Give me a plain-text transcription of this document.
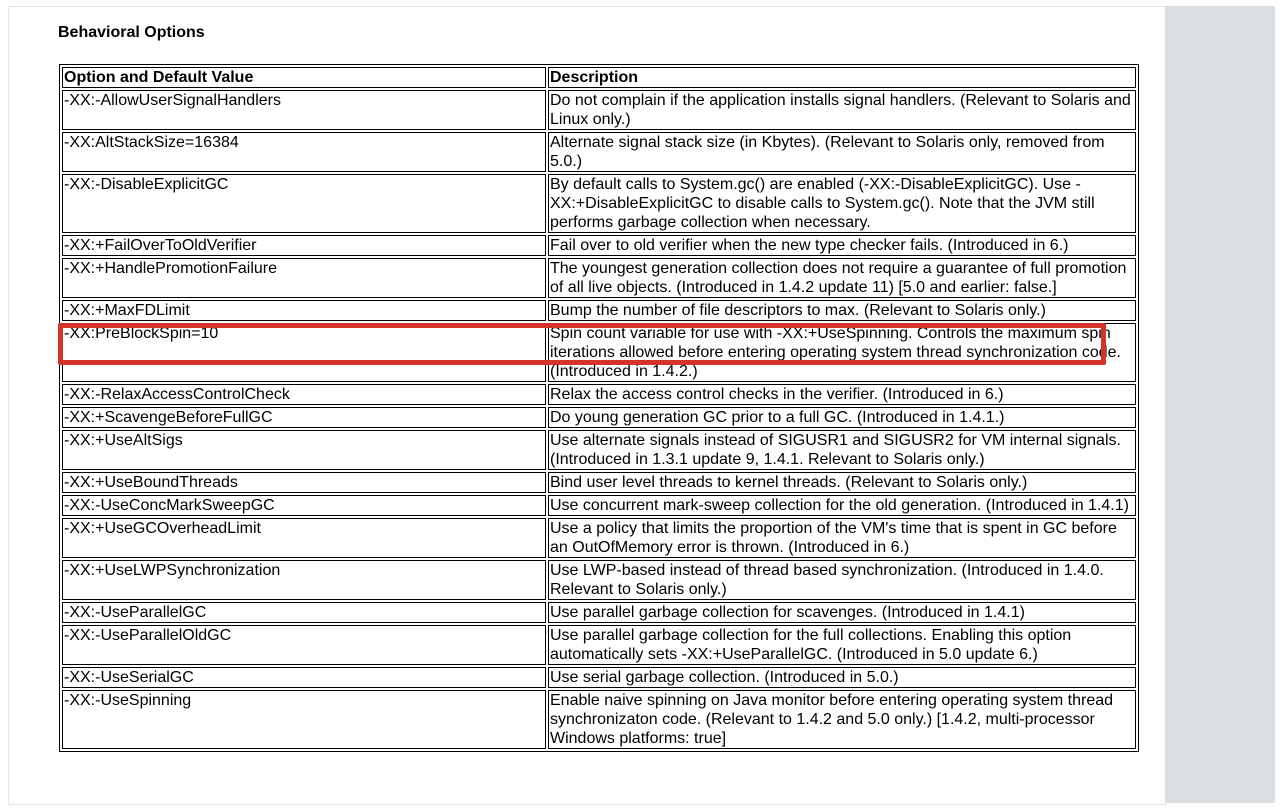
Behavioral Options
Option and Default Value	Description
-XX:-AllowUserSignalHandlers	Do not complain if the application installs signal handlers. (Relevant to Solaris and Linux only.)
-XX:AltStackSize=16384	Alternate signal stack size (in Kbytes). (Relevant to Solaris only, removed from 5.0.)
-XX:-DisableExplicitGC	By default calls to System.gc() are enabled (-XX:-DisableExplicitGC). Use -XX:+DisableExplicitGC to disable calls to System.gc(). Note that the JVM still performs garbage collection when necessary.
-XX:+FailOverToOldVerifier	Fail over to old verifier when the new type checker fails. (Introduced in 6.)
-XX:+HandlePromotionFailure	The youngest generation collection does not require a guarantee of full promotion of all live objects. (Introduced in 1.4.2 update 11) [5.0 and earlier: false.]
-XX:+MaxFDLimit	Bump the number of file descriptors to max. (Relevant to Solaris only.)
-XX:PreBlockSpin=10	Spin count variable for use with -XX:+UseSpinning. Controls the maximum spin iterations allowed before entering operating system thread synchronization code. (Introduced in 1.4.2.)
-XX:-RelaxAccessControlCheck	Relax the access control checks in the verifier. (Introduced in 6.)
-XX:+ScavengeBeforeFullGC	Do young generation GC prior to a full GC. (Introduced in 1.4.1.)
-XX:+UseAltSigs	Use alternate signals instead of SIGUSR1 and SIGUSR2 for VM internal signals. (Introduced in 1.3.1 update 9, 1.4.1. Relevant to Solaris only.)
-XX:+UseBoundThreads	Bind user level threads to kernel threads. (Relevant to Solaris only.)
-XX:-UseConcMarkSweepGC	Use concurrent mark-sweep collection for the old generation. (Introduced in 1.4.1)
-XX:+UseGCOverheadLimit	Use a policy that limits the proportion of the VM's time that is spent in GC before an OutOfMemory error is thrown. (Introduced in 6.)
-XX:+UseLWPSynchronization	Use LWP-based instead of thread based synchronization. (Introduced in 1.4.0. Relevant to Solaris only.)
-XX:-UseParallelGC	Use parallel garbage collection for scavenges. (Introduced in 1.4.1)
-XX:-UseParallelOldGC	Use parallel garbage collection for the full collections. Enabling this option automatically sets -XX:+UseParallelGC. (Introduced in 5.0 update 6.)
-XX:-UseSerialGC	Use serial garbage collection. (Introduced in 5.0.)
-XX:-UseSpinning	Enable naive spinning on Java monitor before entering operating system thread synchronizaton code. (Relevant to 1.4.2 and 5.0 only.) [1.4.2, multi-processor Windows platforms: true]
